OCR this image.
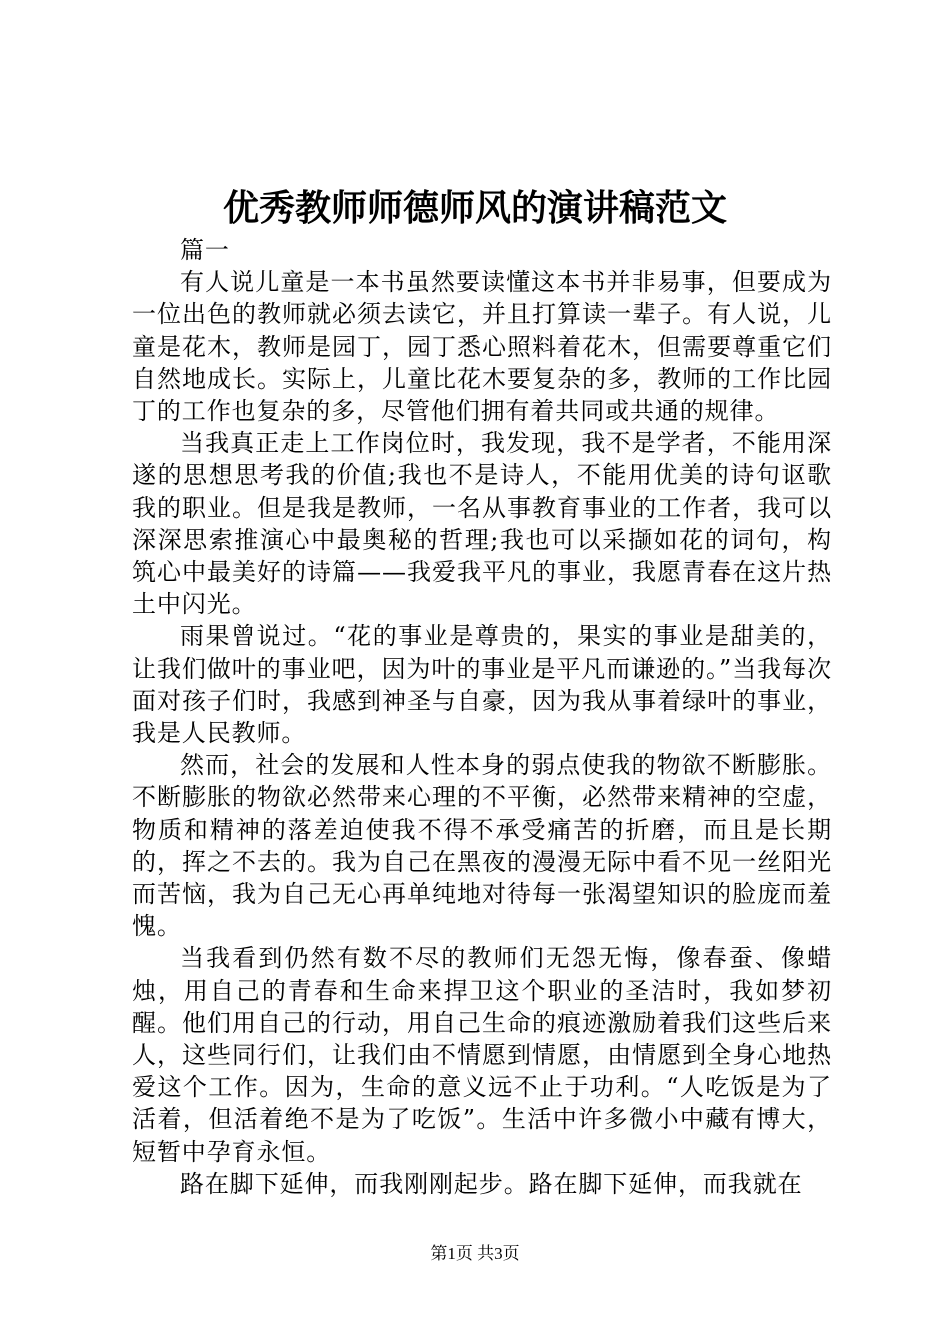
优秀教师师德师风的演讲稿范文

篇一

有人说儿童是一本书虽然要读懂这本书并非易事，但要成为一位出色的教师就必须去读它，并且打算读一辈子。有人说，儿童是花木，教师是园丁，园丁悉心照料着花木，但需要尊重它们自然地成长。实际上，儿童比花木要复杂的多，教师的工作比园丁的工作也复杂的多，尽管他们拥有着共同或共通的规律。

当我真正走上工作岗位时，我发现，我不是学者，不能用深遂的思想思考我的价值;我也不是诗人，不能用优美的诗句讴歌我的职业。但是我是教师，一名从事教育事业的工作者，我可以深深思索推演心中最奥秘的哲理;我也可以采撷如花的词句，构筑心中最美好的诗篇——我爱我平凡的事业，我愿青春在这片热土中闪光。

雨果曾说过。“花的事业是尊贵的，果实的事业是甜美的，让我们做叶的事业吧，因为叶的事业是平凡而谦逊的。”当我每次面对孩子们时，我感到神圣与自豪，因为我从事着绿叶的事业，我是人民教师。

然而，社会的发展和人性本身的弱点使我的物欲不断膨胀。不断膨胀的物欲必然带来心理的不平衡，必然带来精神的空虚，物质和精神的落差迫使我不得不承受痛苦的折磨，而且是长期的，挥之不去的。我为自己在黑夜的漫漫无际中看不见一丝阳光而苦恼，我为自己无心再单纯地对待每一张渴望知识的脸庞而羞愧。

当我看到仍然有数不尽的教师们无怨无悔，像春蚕、像蜡烛，用自己的青春和生命来捍卫这个职业的圣洁时，我如梦初醒。他们用自己的行动，用自己生命的痕迹激励着我们这些后来人，这些同行们，让我们由不情愿到情愿，由情愿到全身心地热爱这个工作。因为，生命的意义远不止于功利。“人吃饭是为了活着，但活着绝不是为了吃饭”。生活中许多微小中藏有博大，短暂中孕育永恒。

路在脚下延伸，而我刚刚起步。路在脚下延伸，而我就在

第1页 共3页
